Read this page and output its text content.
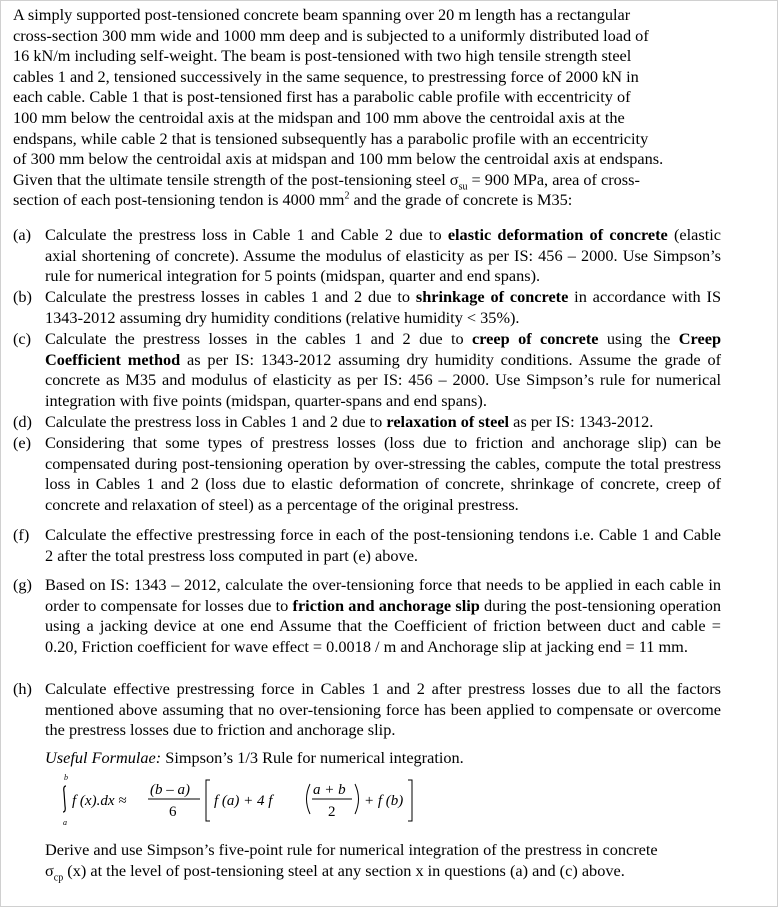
A simply supported post-tensioned concrete beam spanning over 20 m length has a rectangular
cross-section 300 mm wide and 1000 mm deep and is subjected to a uniformly distributed load of
16 kN/m including self-weight. The beam is post-tensioned with two high tensile strength steel
cables 1 and 2, tensioned successively in the same sequence, to prestressing force of 2000 kN in
each cable. Cable 1 that is post-tensioned first has a parabolic cable profile with eccentricity of
100 mm below the centroidal axis at the midspan and 100 mm above the centroidal axis at the
endspans, while cable 2 that is tensioned subsequently has a parabolic profile with an eccentricity
of 300 mm below the centroidal axis at midspan and 100 mm below the centroidal axis at endspans.
Given that the ultimate tensile strength of the post-tensioning steel $\sigma_{su} = 900$ MPa, area of cross-
section of each post-tensioning tendon is 4000 $mm^2$ and the grade of concrete is M35:
(a) Calculate the prestress loss in Cable 1 and Cable 2 due to elastic deformation of concrete (elastic axial shortening of concrete). Assume the modulus of elasticity as per IS: 456 – 2000. Use Simpson’s rule for numerical integration for 5 points (midspan, quarter and end spans).
(b) Calculate the prestress losses in cables 1 and 2 due to shrinkage of concrete in accordance with IS 1343-2012 assuming dry humidity conditions (relative humidity < 35%).
(c) Calculate the prestress losses in the cables 1 and 2 due to creep of concrete using the Creep Coefficient method as per IS: 1343-2012 assuming dry humidity conditions. Assume the grade of concrete as M35 and modulus of elasticity as per IS: 456 – 2000. Use Simpson’s rule for numerical integration with five points (midspan, quarter-spans and end spans).
(d) Calculate the prestress loss in Cables 1 and 2 due to relaxation of steel as per IS: 1343-2012.
(e) Considering that some types of prestress losses (loss due to friction and anchorage slip) can be compensated during post-tensioning operation by over-stressing the cables, compute the total prestress loss in Cables 1 and 2 (loss due to elastic deformation of concrete, shrinkage of concrete, creep of concrete and relaxation of steel) as a percentage of the original prestress.
(f) Calculate the effective prestressing force in each of the post-tensioning tendons i.e. Cable 1 and Cable 2 after the total prestress loss computed in part (e) above.
(g) Based on IS: 1343 – 2012, calculate the over-tensioning force that needs to be applied in each cable in order to compensate for losses due to friction and anchorage slip during the post-tensioning operation using a jacking device at one end Assume that the Coefficient of friction between duct and cable = 0.20, Friction coefficient for wave effect = 0.0018 / m and Anchorage slip at jacking end = 11 mm.
(h) Calculate effective prestressing force in Cables 1 and 2 after prestress losses due to all the factors mentioned above assuming that no over-tensioning force has been applied to compensate or overcome the prestress losses due to friction and anchorage slip.
Useful Formulae: Simpson’s 1/3 Rule for numerical integration.
b
a
f (x).dx ≈
(b – a)
6
f (a) + 4 f
a + b
2
+ f (b)
Derive and use Simpson’s five-point rule for numerical integration of the prestress in concrete
$\sigma_{cp}$ (x) at the level of post-tensioning steel at any section x in questions (a) and (c) above.
